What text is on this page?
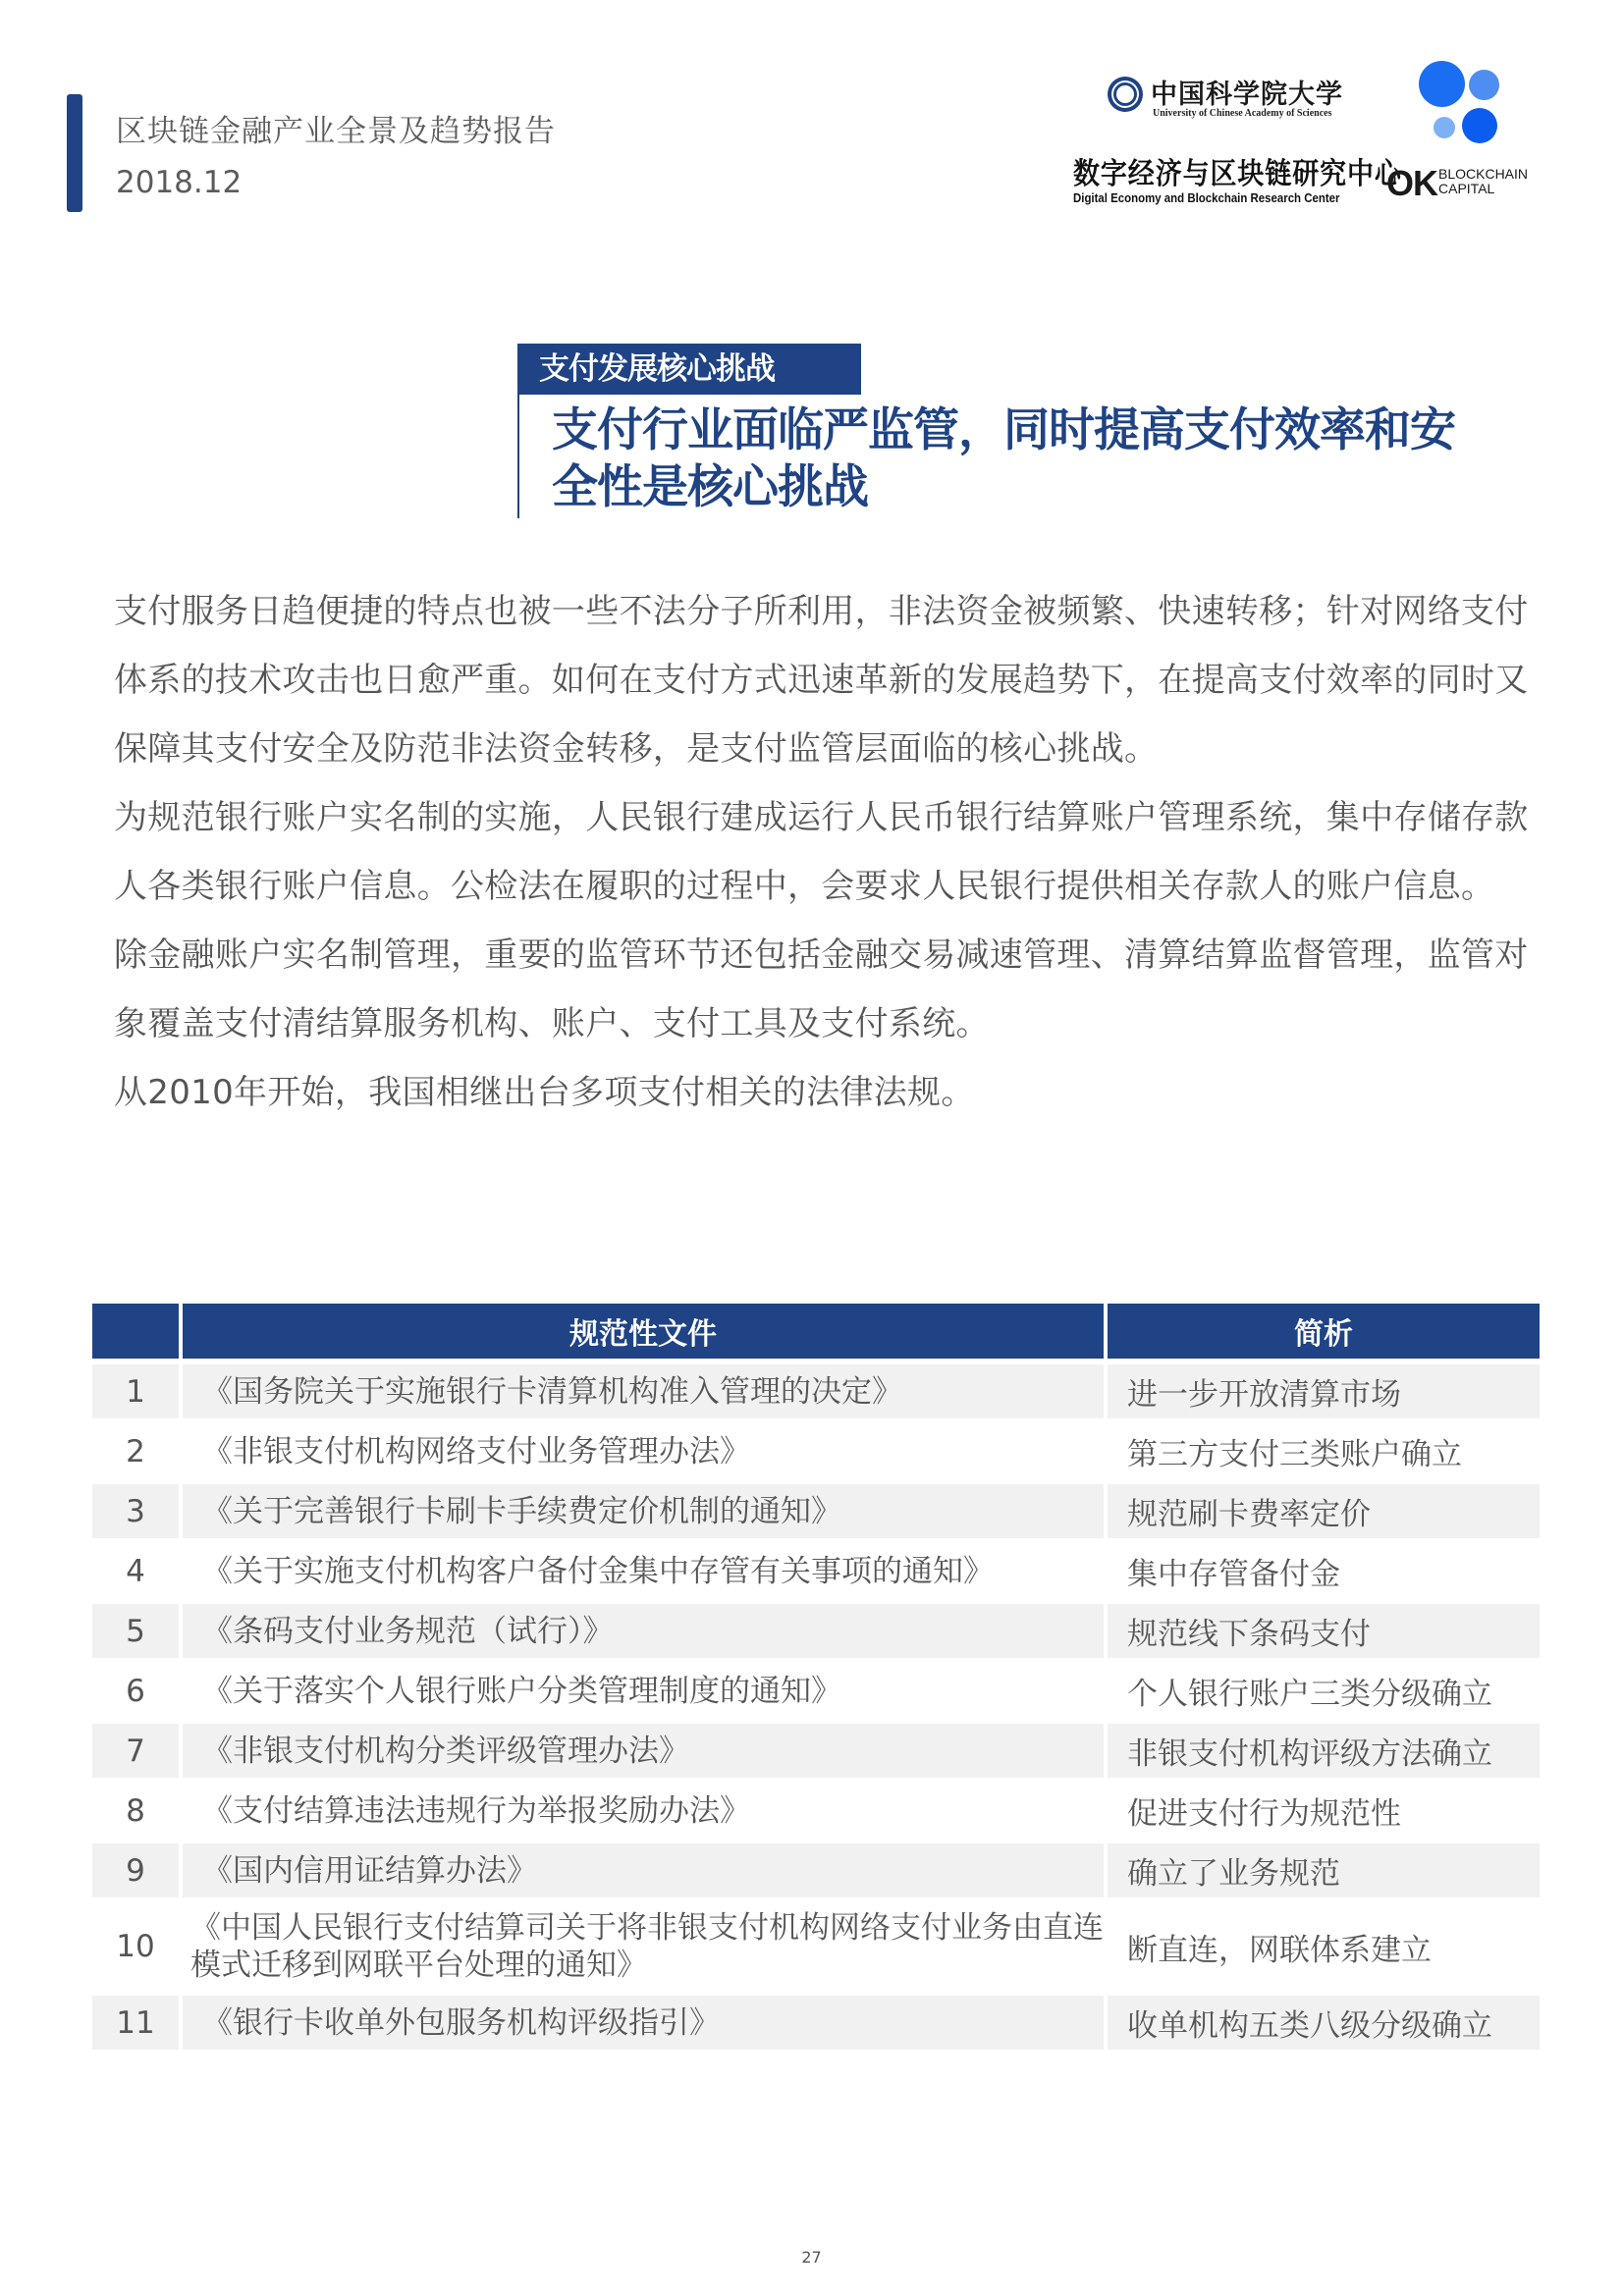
区块链金融产业全景及趋势报告
2018.12
中国科学院大学
University of Chinese Academy of Sciences
数字经济与区块链研究中心
Digital Economy and Blockchain Research Center OK BLOCKCHAIN
CAPITAL
支付发展核心挑战
支付行业面临严监管，同时提高支付效率和安
全性是核心挑战

支付服务日趋便捷的特点也被一些不法分子所利用，非法资金被频繁、快速转移；针对网络支付体系的技术攻击也日愈严重。如何在支付方式迅速革新的发展趋势下，在提高支付效率的同时又保障其支付安全及防范非法资金转移，是支付监管层面临的核心挑战。

为规范银行账户实名制的实施，人民银行建成运行人民币银行结算账户管理系统，集中存储存款人各类银行账户信息。公检法在履职的过程中，会要求人民银行提供相关存款人的账户信息。

除金融账户实名制管理，重要的监管环节还包括金融交易减速管理、清算结算监督管理，监管对象覆盖支付清结算服务机构、账户、支付工具及支付系统。

从2010年开始，我国相继出台多项支付相关的法律法规。

	规范性文件	简析
1	《国务院关于实施银行卡清算机构准入管理的决定》	进一步开放清算市场
2	《非银支付机构网络支付业务管理办法》	第三方支付三类账户确立
3	《关于完善银行卡刷卡手续费定价机制的通知》	规范刷卡费率定价
4	《关于实施支付机构客户备付金集中存管有关事项的通知》	集中存管备付金
5	《条码支付业务规范（试行）》	规范线下条码支付
6	《关于落实个人银行账户分类管理制度的通知》	个人银行账户三类分级确立
7	《非银支付机构分类评级管理办法》	非银支付机构评级方法确立
8	《支付结算违法违规行为举报奖励办法》	促进支付行为规范性
9	《国内信用证结算办法》	确立了业务规范
10	《中国人民银行支付结算司关于将非银支付机构网络支付业务由直连模式迁移到网联平台处理的通知》	断直连，网联体系建立
11	《银行卡收单外包服务机构评级指引》	收单机构五类八级分级确立
27
